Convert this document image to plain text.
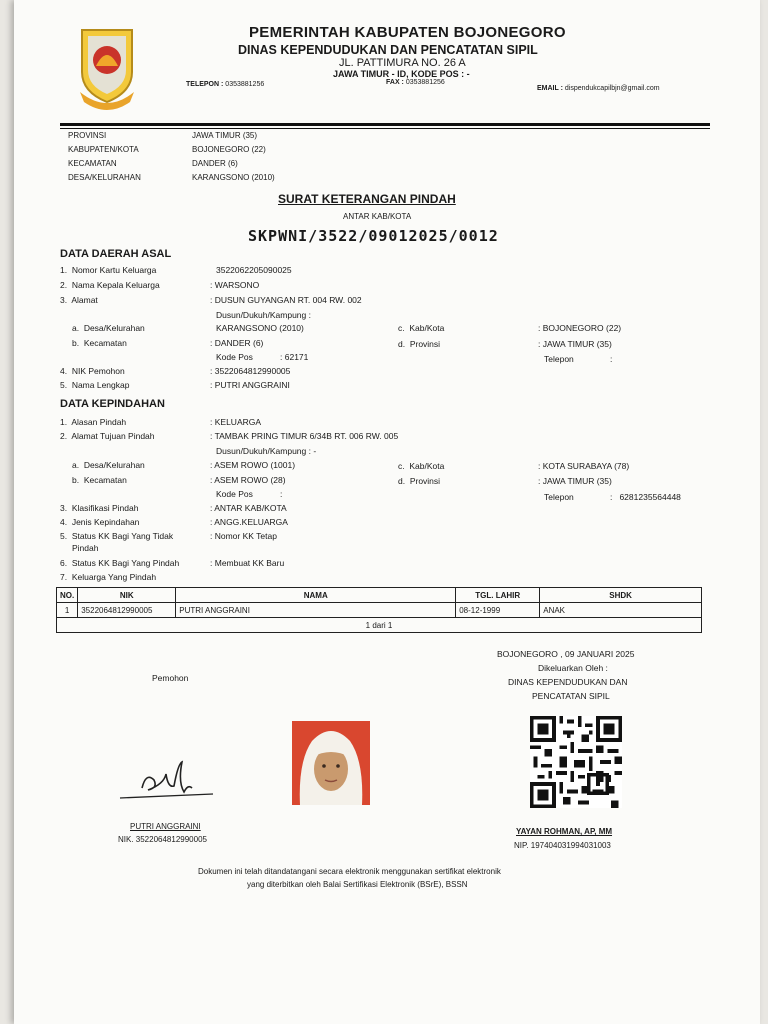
PEMERINTAH KABUPATEN BOJONEGORO
DINAS KEPENDUDUKAN DAN PENCATATAN SIPIL
JL. PATTIMURA NO. 26 A
JAWA TIMUR - ID, KODE POS : -
TELEPON : 0353881256	FAX : 0353881256
EMAIL : dispendukcapilbjn@gmail.com
PROVINSI	JAWA TIMUR (35)
KABUPATEN/KOTA	BOJONEGORO (22)
KECAMATAN	DANDER (6)
DESA/KELURAHAN	KARANGSONO (2010)
SURAT KETERANGAN PINDAH
ANTAR KAB/KOTA
SKPWNI/3522/09012025/0012
DATA DAERAH ASAL
1.  Nomor Kartu Keluarga	3522062205090025
2.  Nama Kepala Keluarga	: WARSONO
3.  Alamat	: DUSUN GUYANGAN RT. 004 RW. 002
Dusun/Dukuh/Kampung :
a.  Desa/Kelurahan	KARANGSONO (2010)	c.  Kab/Kota	: BOJONEGORO (22)
b.  Kecamatan	: DANDER (6)	d.  Provinsi	: JAWA TIMUR (35)
Kode Pos	: 62171	Telepon	:
4.  NIK Pemohon	: 3522064812990005
5.  Nama Lengkap	: PUTRI ANGGRAINI
DATA KEPINDAHAN
1.  Alasan Pindah	: KELUARGA
2.  Alamat Tujuan Pindah	: TAMBAK PRING TIMUR 6/34B RT. 006 RW. 005
Dusun/Dukuh/Kampung : -
a.  Desa/Kelurahan	: ASEM ROWO (1001)	c.  Kab/Kota	: KOTA SURABAYA (78)
b.  Kecamatan	: ASEM ROWO (28)	d.  Provinsi	: JAWA TIMUR (35)
Kode Pos	:	Telepon	:   6281235564448
3.  Klasifikasi Pindah	: ANTAR KAB/KOTA
4.  Jenis Kepindahan	: ANGG.KELUARGA
5.  Status KK Bagi Yang Tidak
Pindah
: Nomor KK Tetap
6.  Status KK Bagi Yang Pindah	: Membuat KK Baru
7.  Keluarga Yang Pindah
NO.	NIK	NAMA	TGL. LAHIR	SHDK
1	3522064812990005	PUTRI ANGGRAINI	08-12-1999	ANAK
1 dari 1				
BOJONEGORO , 09 JANUARI 2025
Dikeluarkan Oleh :
DINAS KEPENDUDUKAN DAN
PENCATATAN SIPIL
Pemohon
PUTRI ANGGRAINI
NIK. 3522064812990005
YAYAN ROHMAN, AP, MM
NIP. 197404031994031003
Dokumen ini telah ditandatangani secara elektronik menggunakan sertifikat elektronik
yang diterbitkan oleh Balai Sertifikasi Elektronik (BSrE), BSSN
